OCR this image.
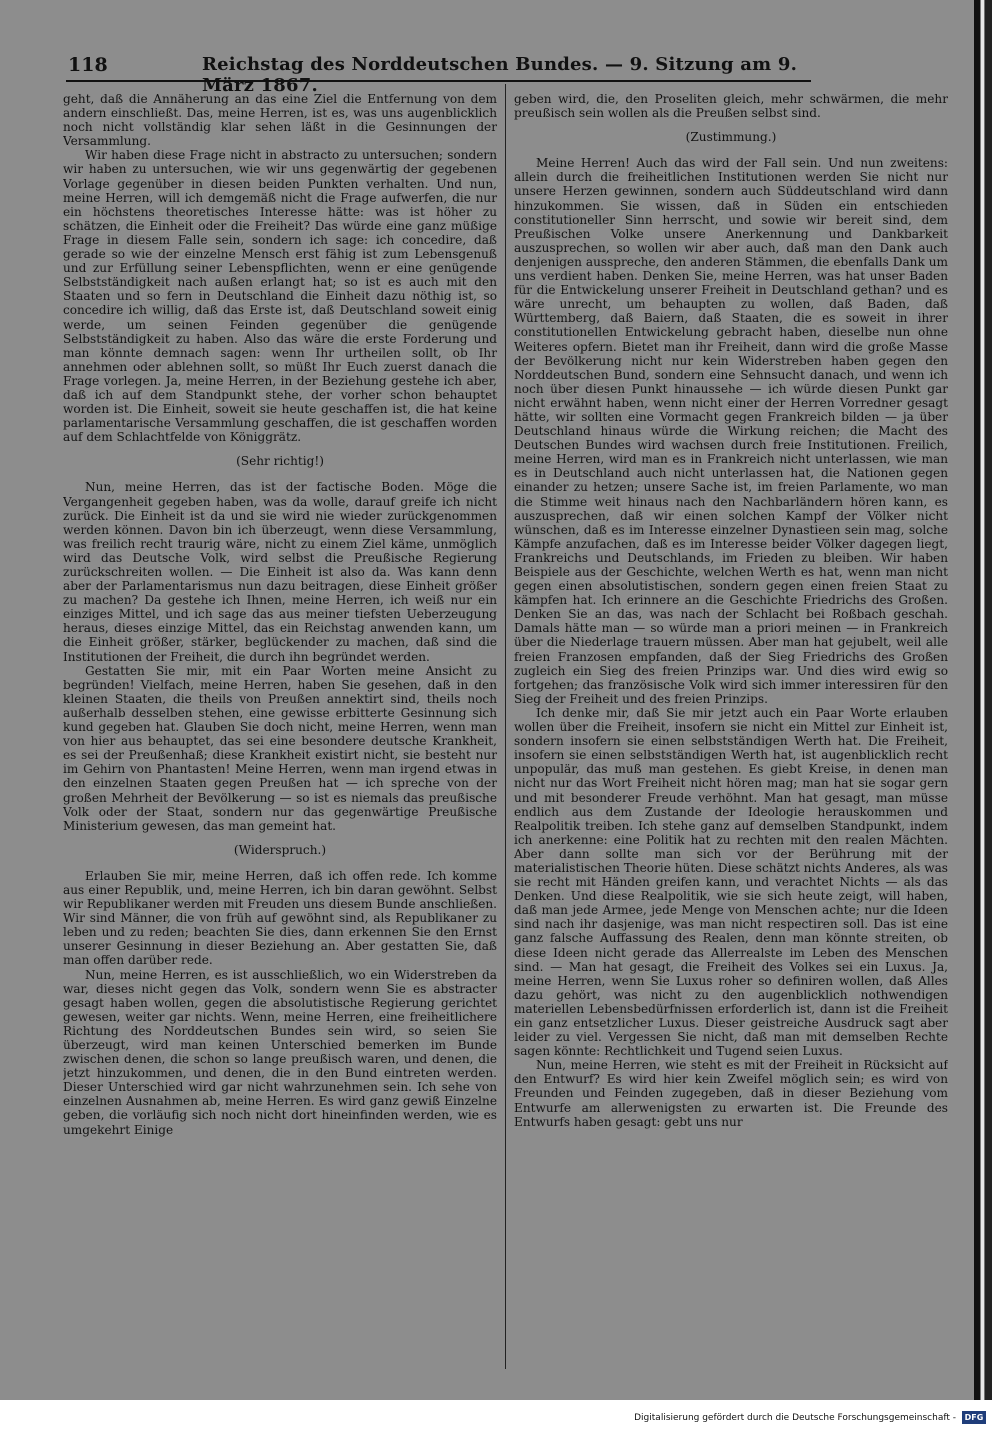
118	Reichstag des Norddeutschen Bundes. — 9. Sitzung am 9. März 1867.

geht, daß die Annäherung an das eine Ziel die Entfernung von dem andern einschließt. Das, meine Herren, ist es, was uns augenblicklich noch nicht vollständig klar sehen läßt in die Gesinnungen der Versammlung.

Wir haben diese Frage nicht in abstracto zu untersuchen; sondern wir haben zu untersuchen, wie wir uns gegenwärtig der gegebenen Vorlage gegenüber in diesen beiden Punkten verhalten. Und nun, meine Herren, will ich demgemäß nicht die Frage aufwerfen, die nur ein höchstens theoretisches Interesse hätte: was ist höher zu schätzen, die Einheit oder die Freiheit? Das würde eine ganz müßige Frage in diesem Falle sein, sondern ich sage: ich concedire, daß gerade so wie der einzelne Mensch erst fähig ist zum Lebensgenuß und zur Erfüllung seiner Lebenspflichten, wenn er eine genügende Selbstständigkeit nach außen erlangt hat; so ist es auch mit den Staaten und so fern in Deutschland die Einheit dazu nöthig ist, so concedire ich willig, daß das Erste ist, daß Deutschland soweit einig werde, um seinen Feinden gegenüber die genügende Selbstständigkeit zu haben. Also das wäre die erste Forderung und man könnte demnach sagen: wenn Ihr urtheilen sollt, ob Ihr annehmen oder ablehnen sollt, so müßt Ihr Euch zuerst danach die Frage vorlegen. Ja, meine Herren, in der Beziehung gestehe ich aber, daß ich auf dem Standpunkt stehe, der vorher schon behauptet worden ist. Die Einheit, soweit sie heute geschaffen ist, die hat keine parlamentarische Versammlung geschaffen, die ist geschaffen worden auf dem Schlachtfelde von Königgrätz.

(Sehr richtig!)

Nun, meine Herren, das ist der factische Boden. Möge die Vergangenheit gegeben haben, was da wolle, darauf greife ich nicht zurück. Die Einheit ist da und sie wird nie wieder zurückgenommen werden können. Davon bin ich überzeugt, wenn diese Versammlung, was freilich recht traurig wäre, nicht zu einem Ziel käme, unmöglich wird das Deutsche Volk, wird selbst die Preußische Regierung zurückschreiten wollen. — Die Einheit ist also da. Was kann denn aber der Parlamentarismus nun dazu beitragen, diese Einheit größer zu machen? Da gestehe ich Ihnen, meine Herren, ich weiß nur ein einziges Mittel, und ich sage das aus meiner tiefsten Ueberzeugung heraus, dieses einzige Mittel, das ein Reichstag anwenden kann, um die Einheit größer, stärker, beglückender zu machen, daß sind die Institutionen der Freiheit, die durch ihn begründet werden.

Gestatten Sie mir, mit ein Paar Worten meine Ansicht zu begründen! Vielfach, meine Herren, haben Sie gesehen, daß in den kleinen Staaten, die theils von Preußen annektirt sind, theils noch außerhalb desselben stehen, eine gewisse erbitterte Gesinnung sich kund gegeben hat. Glauben Sie doch nicht, meine Herren, wenn man von hier aus behauptet, das sei eine besondere deutsche Krankheit, es sei der Preußenhaß; diese Krankheit existirt nicht, sie besteht nur im Gehirn von Phantasten! Meine Herren, wenn man irgend etwas in den einzelnen Staaten gegen Preußen hat — ich spreche von der großen Mehrheit der Bevölkerung — so ist es niemals das preußische Volk oder der Staat, sondern nur das gegenwärtige Preußische Ministerium gewesen, das man gemeint hat.

(Widerspruch.)

Erlauben Sie mir, meine Herren, daß ich offen rede. Ich komme aus einer Republik, und, meine Herren, ich bin daran gewöhnt. Selbst wir Republikaner werden mit Freuden uns diesem Bunde anschließen. Wir sind Männer, die von früh auf gewöhnt sind, als Republikaner zu leben und zu reden; beachten Sie dies, dann erkennen Sie den Ernst unserer Gesinnung in dieser Beziehung an. Aber gestatten Sie, daß man offen darüber rede.

Nun, meine Herren, es ist ausschließlich, wo ein Widerstreben da war, dieses nicht gegen das Volk, sondern wenn Sie es abstracter gesagt haben wollen, gegen die absolutistische Regierung gerichtet gewesen, weiter gar nichts. Wenn, meine Herren, eine freiheitlichere Richtung des Norddeutschen Bundes sein wird, so seien Sie überzeugt, wird man keinen Unterschied bemerken im Bunde zwischen denen, die schon so lange preußisch waren, und denen, die jetzt hinzukommen, und denen, die in den Bund eintreten werden. Dieser Unterschied wird gar nicht wahrzunehmen sein. Ich sehe von einzelnen Ausnahmen ab, meine Herren. Es wird ganz gewiß Einzelne geben, die vorläufig sich noch nicht dort hineinfinden werden, wie es umgekehrt Einige

geben wird, die, den Proseliten gleich, mehr schwärmen, die mehr preußisch sein wollen als die Preußen selbst sind.

(Zustimmung.)

Meine Herren! Auch das wird der Fall sein. Und nun zweitens: allein durch die freiheitlichen Institutionen werden Sie nicht nur unsere Herzen gewinnen, sondern auch Süddeutschland wird dann hinzukommen. Sie wissen, daß in Süden ein entschieden constitutioneller Sinn herrscht, und sowie wir bereit sind, dem Preußischen Volke unsere Anerkennung und Dankbarkeit auszusprechen, so wollen wir aber auch, daß man den Dank auch denjenigen ausspreche, den anderen Stämmen, die ebenfalls Dank um uns verdient haben. Denken Sie, meine Herren, was hat unser Baden für die Entwickelung unserer Freiheit in Deutschland gethan? und es wäre unrecht, um behaupten zu wollen, daß Baden, daß Württemberg, daß Baiern, daß Staaten, die es soweit in ihrer constitutionellen Entwickelung gebracht haben, dieselbe nun ohne Weiteres opfern. Bietet man ihr Freiheit, dann wird die große Masse der Bevölkerung nicht nur kein Widerstreben haben gegen den Norddeutschen Bund, sondern eine Sehnsucht danach, und wenn ich noch über diesen Punkt hinaussehe — ich würde diesen Punkt gar nicht erwähnt haben, wenn nicht einer der Herren Vorredner gesagt hätte, wir sollten eine Vormacht gegen Frankreich bilden — ja über Deutschland hinaus würde die Wirkung reichen; die Macht des Deutschen Bundes wird wachsen durch freie Institutionen. Freilich, meine Herren, wird man es in Frankreich nicht unterlassen, wie man es in Deutschland auch nicht unterlassen hat, die Nationen gegen einander zu hetzen; unsere Sache ist, im freien Parlamente, wo man die Stimme weit hinaus nach den Nachbarländern hören kann, es auszusprechen, daß wir einen solchen Kampf der Völker nicht wünschen, daß es im Interesse einzelner Dynastieen sein mag, solche Kämpfe anzufachen, daß es im Interesse beider Völker dagegen liegt, Frankreichs und Deutschlands, im Frieden zu bleiben. Wir haben Beispiele aus der Geschichte, welchen Werth es hat, wenn man nicht gegen einen absolutistischen, sondern gegen einen freien Staat zu kämpfen hat. Ich erinnere an die Geschichte Friedrichs des Großen. Denken Sie an das, was nach der Schlacht bei Roßbach geschah. Damals hätte man — so würde man a priori meinen — in Frankreich über die Niederlage trauern müssen. Aber man hat gejubelt, weil alle freien Franzosen empfanden, daß der Sieg Friedrichs des Großen zugleich ein Sieg des freien Prinzips war. Und dies wird ewig so fortgehen; das französische Volk wird sich immer interessiren für den Sieg der Freiheit und des freien Prinzips.

Ich denke mir, daß Sie mir jetzt auch ein Paar Worte erlauben wollen über die Freiheit, insofern sie nicht ein Mittel zur Einheit ist, sondern insofern sie einen selbstständigen Werth hat. Die Freiheit, insofern sie einen selbstständigen Werth hat, ist augenblicklich recht unpopulär, das muß man gestehen. Es giebt Kreise, in denen man nicht nur das Wort Freiheit nicht hören mag; man hat sie sogar gern und mit besonderer Freude verhöhnt. Man hat gesagt, man müsse endlich aus dem Zustande der Ideologie herauskommen und Realpolitik treiben. Ich stehe ganz auf demselben Standpunkt, indem ich anerkenne: eine Politik hat zu rechten mit den realen Mächten. Aber dann sollte man sich vor der Berührung mit der materialistischen Theorie hüten. Diese schätzt nichts Anderes, als was sie recht mit Händen greifen kann, und verachtet Nichts — als das Denken. Und diese Realpolitik, wie sie sich heute zeigt, will haben, daß man jede Armee, jede Menge von Menschen achte; nur die Ideen sind nach ihr dasjenige, was man nicht respectiren soll. Das ist eine ganz falsche Auffassung des Realen, denn man könnte streiten, ob diese Ideen nicht gerade das Allerrealste im Leben des Menschen sind. — Man hat gesagt, die Freiheit des Volkes sei ein Luxus. Ja, meine Herren, wenn Sie Luxus roher so definiren wollen, daß Alles dazu gehört, was nicht zu den augenblicklich nothwendigen materiellen Lebensbedürfnissen erforderlich ist, dann ist die Freiheit ein ganz entsetzlicher Luxus. Dieser geistreiche Ausdruck sagt aber leider zu viel. Vergessen Sie nicht, daß man mit demselben Rechte sagen könnte: Rechtlichkeit und Tugend seien Luxus.

Nun, meine Herren, wie steht es mit der Freiheit in Rücksicht auf den Entwurf? Es wird hier kein Zweifel möglich sein; es wird von Freunden und Feinden zugegeben, daß in dieser Beziehung vom Entwurfe am allerwenigsten zu erwarten ist. Die Freunde des Entwurfs haben gesagt: gebt uns nur

Digitalisierung gefördert durch die Deutsche Forschungsgemeinschaft -	DFG
